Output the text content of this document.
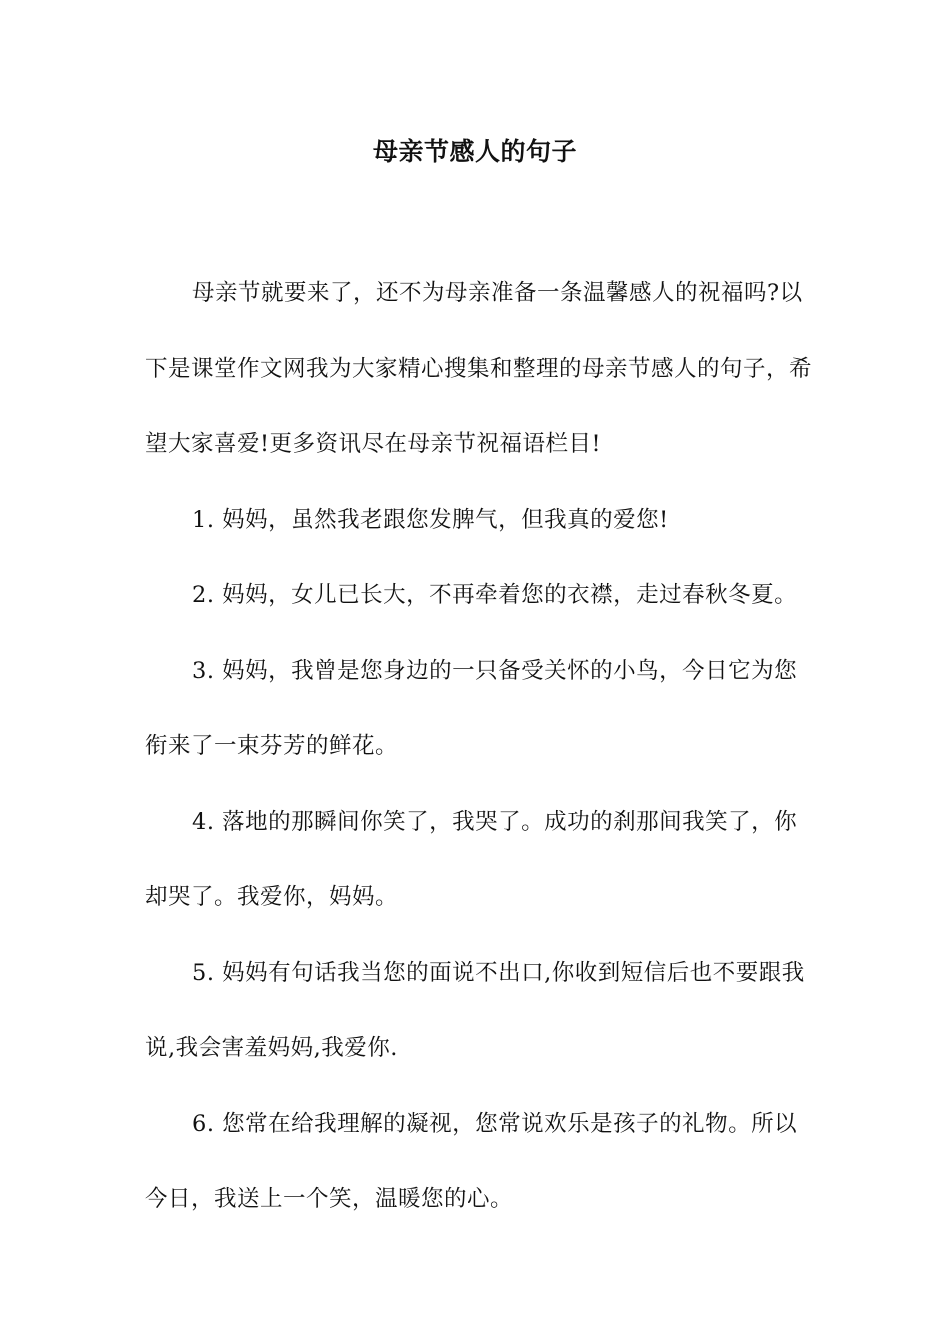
母亲节感人的句子

母亲节就要来了，还不为母亲准备一条温馨感人的祝福吗?以下是课堂作文网我为大家精心搜集和整理的母亲节感人的句子，希望大家喜爱!更多资讯尽在母亲节祝福语栏目!

1. 妈妈，虽然我老跟您发脾气，但我真的爱您!

2. 妈妈，女儿已长大，不再牵着您的衣襟，走过春秋冬夏。

3. 妈妈，我曾是您身边的一只备受关怀的小鸟，今日它为您衔来了一束芬芳的鲜花。

4. 落地的那瞬间你笑了，我哭了。成功的刹那间我笑了，你却哭了。我爱你，妈妈。

5. 妈妈有句话我当您的面说不出口,你收到短信后也不要跟我说,我会害羞妈妈,我爱你.

6. 您常在给我理解的凝视，您常说欢乐是孩子的礼物。所以今日，我送上一个笑，温暖您的心。
